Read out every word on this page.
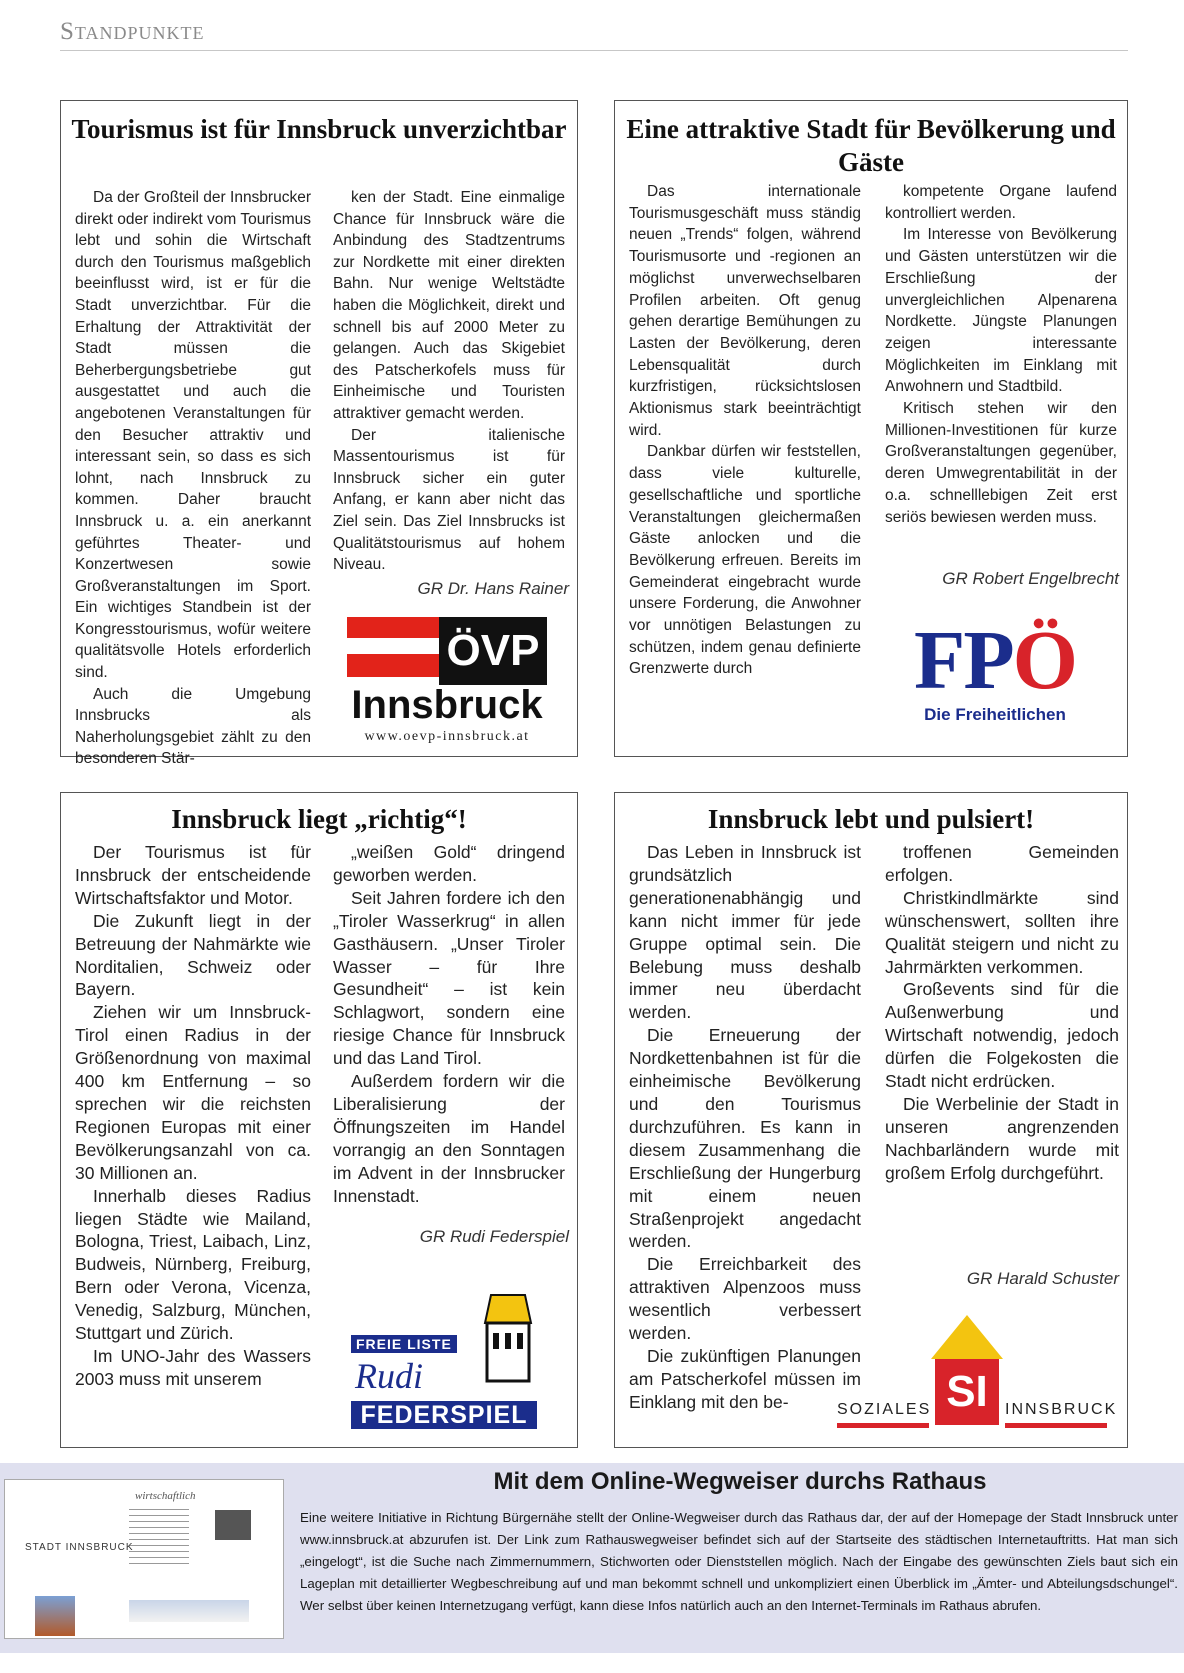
Standpunkte
Tourismus ist für Innsbruck unverzichtbar

Da der Großteil der Innsbrucker direkt oder indirekt vom Tourismus lebt und sohin die Wirtschaft durch den Tourismus maßgeblich beeinflusst wird, ist er für die Stadt unverzichtbar. Für die Erhaltung der Attraktivität der Stadt müssen die Beherbergungsbetriebe gut ausgestattet und auch die angebotenen Veranstaltungen für den Besucher attraktiv und interessant sein, so dass es sich lohnt, nach Innsbruck zu kommen. Daher braucht Innsbruck u. a. ein anerkannt geführtes Theater- und Konzertwesen sowie Großveranstaltungen im Sport. Ein wichtiges Standbein ist der Kongresstourismus, wofür weitere qualitätsvolle Hotels erforderlich sind.

Auch die Umgebung Innsbrucks als Naherholungsgebiet zählt zu den besonderen Stär-

ken der Stadt. Eine einmalige Chance für Innsbruck wäre die Anbindung des Stadtzentrums zur Nordkette mit einer direkten Bahn. Nur wenige Weltstädte haben die Möglichkeit, direkt und schnell bis auf 2000 Meter zu gelangen. Auch das Skigebiet des Patscherkofels muss für Einheimische und Touristen attraktiver gemacht werden.

Der italienische Massentourismus ist für Innsbruck sicher ein guter Anfang, er kann aber nicht das Ziel sein. Das Ziel Innsbrucks ist Qualitätstourismus auf hohem Niveau.

GR Dr. Hans Rainer
ÖVP
Innsbruck
www.oevp-innsbruck.at
Eine attraktive Stadt für Bevölkerung und Gäste

Das internationale Tourismusgeschäft muss ständig neuen „Trends“ folgen, während Tourismusorte und -regionen an möglichst unverwechselbaren Profilen arbeiten. Oft genug gehen derartige Bemühungen zu Lasten der Bevölkerung, deren Lebensqualität durch kurzfristigen, rücksichtslosen Aktionismus stark beeinträchtigt wird.

Dankbar dürfen wir feststellen, dass viele kulturelle, gesellschaftliche und sportliche Veranstaltungen gleichermaßen Gäste anlocken und die Bevölkerung erfreuen. Bereits im Gemeinderat eingebracht wurde unsere Forderung, die Anwohner vor unnötigen Belastungen zu schützen, indem genau definierte Grenzwerte durch

kompetente Organe laufend kontrolliert werden.

Im Interesse von Bevölkerung und Gästen unterstützen wir die Erschließung der unvergleichlichen Alpenarena Nordkette. Jüngste Planungen zeigen interessante Möglichkeiten im Einklang mit Anwohnern und Stadtbild.

Kritisch stehen wir den Millionen-Investitionen für kurze Großveranstaltungen gegenüber, deren Umwegrentabilität in der o.a. schnelllebigen Zeit erst seriös bewiesen werden muss.

GR Robert Engelbrecht
FPÖ
Die Freiheitlichen
Innsbruck liegt „richtig“!

Der Tourismus ist für Innsbruck der entscheidende Wirtschaftsfaktor und Motor.

Die Zukunft liegt in der Betreuung der Nahmärkte wie Norditalien, Schweiz oder Bayern.

Ziehen wir um Innsbruck-Tirol einen Radius in der Größenordnung von maximal 400 km Entfernung – so sprechen wir die reichsten Regionen Europas mit einer Bevölkerungsanzahl von ca. 30 Millionen an.

Innerhalb dieses Radius liegen Städte wie Mailand, Bologna, Triest, Laibach, Linz, Budweis, Nürnberg, Freiburg, Bern oder Verona, Vicenza, Venedig, Salzburg, München, Stuttgart und Zürich.

Im UNO-Jahr des Wassers 2003 muss mit unserem

„weißen Gold“ dringend geworben werden.

Seit Jahren fordere ich den „Tiroler Wasserkrug“ in allen Gasthäusern. „Unser Tiroler Wasser – für Ihre Gesundheit“ – ist kein Schlagwort, sondern eine riesige Chance für Innsbruck und das Land Tirol.

Außerdem fordern wir die Liberalisierung der Öffnungszeiten im Handel vorrangig an den Sonntagen im Advent in der Innsbrucker Innenstadt.

GR Rudi Federspiel
FREIE LISTE
Rudi
FEDERSPIEL
Innsbruck lebt und pulsiert!

Das Leben in Innsbruck ist grundsätzlich generationenabhängig und kann nicht immer für jede Gruppe optimal sein. Die Belebung muss deshalb immer neu überdacht werden.

Die Erneuerung der Nordkettenbahnen ist für die einheimische Bevölkerung und den Tourismus durchzuführen. Es kann in diesem Zusammenhang die Erschließung der Hungerburg mit einem neuen Straßenprojekt angedacht werden.

Die Erreichbarkeit des attraktiven Alpenzoos muss wesentlich verbessert werden.

Die zukünftigen Planungen am Patscherkofel müssen im Einklang mit den be-

troffenen Gemeinden erfolgen.

Christkindlmärkte sind wünschenswert, sollten ihre Qualität steigern und nicht zu Jahrmärkten verkommen.

Großevents sind für die Außenwerbung und Wirtschaft notwendig, jedoch dürfen die Folgekosten die Stadt nicht erdrücken.

Die Werbelinie der Stadt in unseren angrenzenden Nachbarländern wurde mit großem Erfolg durchgeführt.

GR Harald Schuster
SI
SOZIALES	INNSBRUCK
wirtschaftlich
STADT INNSBRUCK
Mit dem Online-Wegweiser durchs Rathaus
Eine weitere Initiative in Richtung Bürgernähe stellt der Online-Wegweiser durch das Rathaus dar, der auf der Homepage der Stadt Innsbruck unter www.innsbruck.at abzurufen ist. Der Link zum Rathauswegweiser befindet sich auf der Startseite des städtischen Internetauftritts. Hat man sich „eingelogt“, ist die Suche nach Zimmernummern, Stichworten oder Dienststellen möglich. Nach der Eingabe des gewünschten Ziels baut sich ein Lageplan mit detaillierter Wegbeschreibung auf und man bekommt schnell und unkompliziert einen Überblick im „Ämter- und Abteilungsdschungel“. Wer selbst über keinen Internetzugang verfügt, kann diese Infos natürlich auch an den Internet-Terminals im Rathaus abrufen.
